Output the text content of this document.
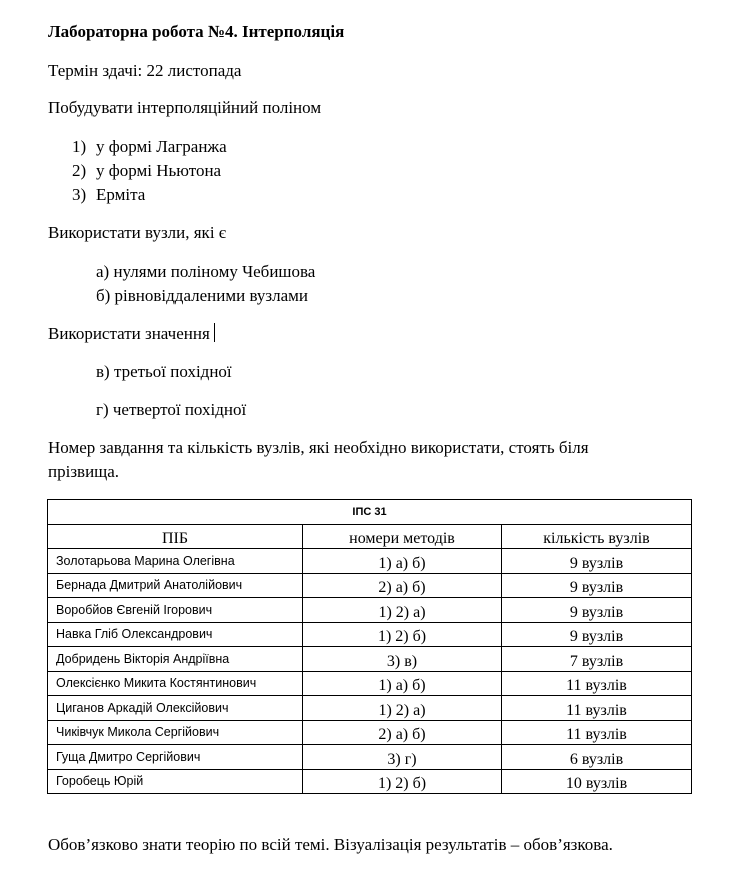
Лабораторна робота №4. Інтерполяція
Термін здачі: 22 листопада
Побудувати інтерполяційний поліном
1) у формі Лагранжа
2) у формі Ньютона
3) Ерміта
Використати вузли, які є
а) нулями поліному Чебишова
б) рівновіддаленими вузлами
Використати значення
в) третьої похідної
г) четвертої похідної
Номер завдання та кількість вузлів, які необхідно використати, стоять біля
прізвища.
ІПС 31		
ПІБ	номери методів	кількість вузлів
Золотарьова Марина Олегівна	1) а) б)	9 вузлів
Бернада Дмитрий Анатолійович	2) а) б)	9 вузлів
Воробйов Євгеній Ігорович	1) 2) а)	9 вузлів
Навка Гліб Олександрович	1) 2) б)	9 вузлів
Добридень Вікторія Андріївна	3) в)	7 вузлів
Олексієнко Микита Костянтинович	1) а) б)	11 вузлів
Циганов Аркадій Олексійович	1) 2) а)	11 вузлів
Чиківчук Микола Сергійович	2) а) б)	11 вузлів
Гуща Дмитро Сергійович	3) г)	6 вузлів
Горобець Юрій	1) 2) б)	10 вузлів
Обов’язково знати теорію по всій темі. Візуалізація результатів – обов’язкова.
